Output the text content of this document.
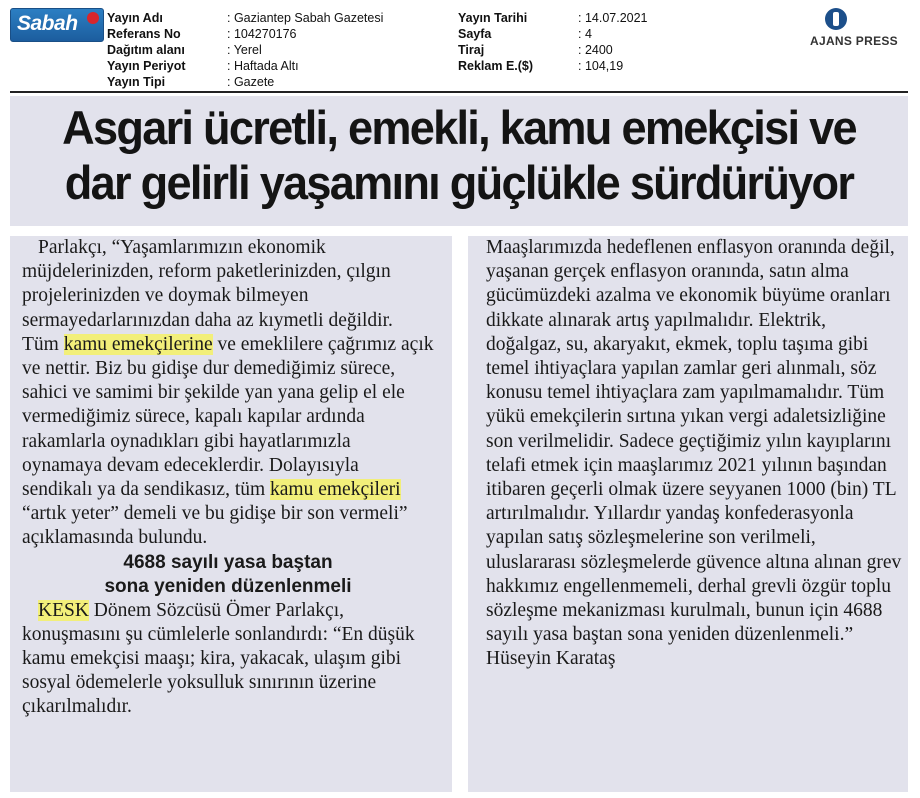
Sabah Yayın Adı	: Gaziantep Sabah Gazetesi
Referans No	: 104270176
Dağıtım alanı	: Yerel
Yayın Periyot	: Haftada Altı
Yayın Tipi	: Gazete
Yayın Tarihi	: 14.07.2021
Sayfa	: 4
Tiraj	: 2400
Reklam E.($)	: 104,19
AJANS PRESS
Asgari ücretli, emekli, kamu emekçisi ve
dar gelirli yaşamını güçlükle sürdürüyor

Parlakçı, “Yaşamlarımızın ekonomik müjdelerinizden, reform paketlerinizden, çılgın projelerinizden ve doymak bilmeyen sermayedarlarınızdan daha az kıymetli değildir. Tüm kamu emekçilerine ve emeklilere çağrımız açık ve nettir. Biz bu gidişe dur demediğimiz sürece, sahici ve samimi bir şekilde yan yana gelip el ele vermediğimiz sürece, kapalı kapılar ardında rakamlarla oynadıkları gibi hayatlarımızla oynamaya devam edeceklerdir. Dolayısıyla sendikalı ya da sendikasız, tüm kamu emekçileri “artık yeter” demeli ve bu gidişe bir son vermeli” açıklamasında bulundu.

4688 sayılı yasa baştan
sona yeniden düzenlenmeli

KESK Dönem Sözcüsü Ömer Parlakçı, konuşmasını şu cümlelerle sonlandırdı: “En düşük kamu emekçisi maaşı; kira, yakacak, ulaşım gibi sosyal ödemelerle yoksulluk sınırının üzerine çıkarılmalıdır.

Maaşlarımızda hedeflenen enflasyon oranında değil, yaşanan gerçek enflasyon oranında, satın alma gücümüzdeki azalma ve ekonomik büyüme oranları dikkate alınarak artış yapılmalıdır. Elektrik, doğalgaz, su, akaryakıt, ekmek, toplu taşıma gibi temel ihtiyaçlara yapılan zamlar geri alınmalı, söz konusu temel ihtiyaçlara zam yapılmamalıdır. Tüm yükü emekçilerin sırtına yıkan vergi adaletsizliğine son verilmelidir. Sadece geçtiğimiz yılın kayıplarını telafi etmek için maaşlarımız 2021 yılının başından itibaren geçerli olmak üzere seyyanen 1000 (bin) TL artırılmalıdır. Yıllardır yandaş konfederasyonla yapılan satış sözleşmelerine son verilmeli, uluslararası sözleşmelerde güvence altına alınan grev hakkımız engellenmemeli, derhal grevli özgür toplu sözleşme mekanizması kurulmalı, bunun için 4688 sayılı yasa baştan sona yeniden düzenlenmeli.” Hüseyin Karataş
